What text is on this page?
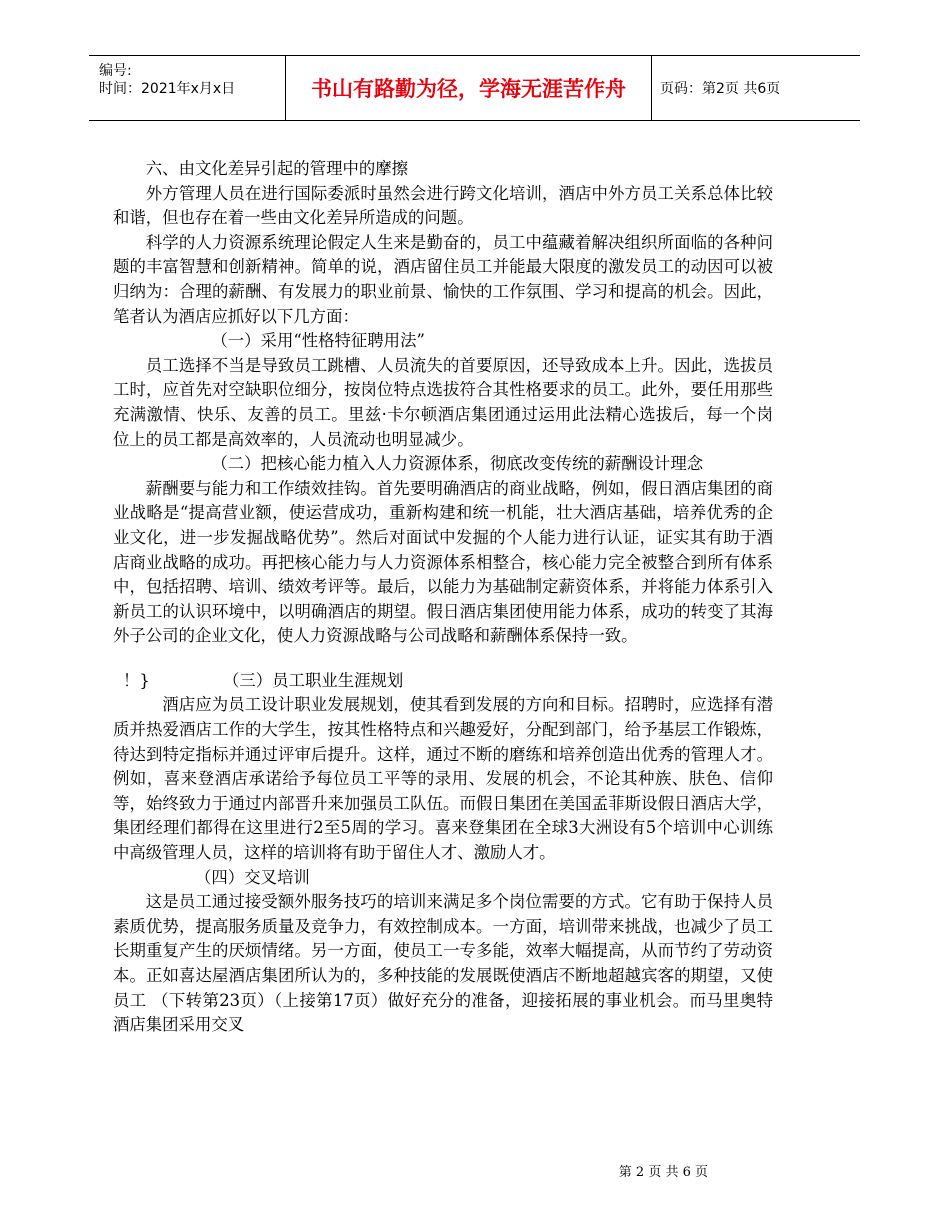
编号:
时间：2021年x月x日	书山有路勤为径，学海无涯苦作舟	页码：第2页 共6页

六、由文化差异引起的管理中的摩擦

外方管理人员在进行国际委派时虽然会进行跨文化培训，酒店中外方员工关系总体比较和谐，但也存在着一些由文化差异所造成的问题。

科学的人力资源系统理论假定人生来是勤奋的，员工中蕴藏着解决组织所面临的各种问题的丰富智慧和创新精神。简单的说，酒店留住员工并能最大限度的激发员工的动因可以被归纳为：合理的薪酬、有发展力的职业前景、愉快的工作氛围、学习和提高的机会。因此，笔者认为酒店应抓好以下几方面：

（一）采用“性格特征聘用法”

员工选择不当是导致员工跳槽、人员流失的首要原因，还导致成本上升。因此，选拔员工时，应首先对空缺职位细分，按岗位特点选拔符合其性格要求的员工。此外，要任用那些充满激情、快乐、友善的员工。里兹·卡尔顿酒店集团通过运用此法精心选拔后，每一个岗位上的员工都是高效率的，人员流动也明显减少。

（二）把核心能力植入人力资源体系，彻底改变传统的薪酬设计理念

薪酬要与能力和工作绩效挂钩。首先要明确酒店的商业战略，例如，假日酒店集团的商业战略是“提高营业额，使运营成功，重新构建和统一机能，壮大酒店基础，培养优秀的企业文化，进一步发掘战略优势”。然后对面试中发掘的个人能力进行认证，证实其有助于酒店商业战略的成功。再把核心能力与人力资源体系相整合，核心能力完全被整合到所有体系中，包括招聘、培训、绩效考评等。最后，以能力为基础制定薪资体系，并将能力体系引入新员工的认识环境中，以明确酒店的期望。假日酒店集团使用能力体系，成功的转变了其海外子公司的企业文化，使人力资源战略与公司战略和薪酬体系保持一致。

！}	（三）员工职业生涯规划

酒店应为员工设计职业发展规划，使其看到发展的方向和目标。招聘时，应选择有潜质并热爱酒店工作的大学生，按其性格特点和兴趣爱好，分配到部门，给予基层工作锻炼，待达到特定指标并通过评审后提升。这样，通过不断的磨练和培养创造出优秀的管理人才。例如，喜来登酒店承诺给予每位员工平等的录用、发展的机会，不论其种族、肤色、信仰等，始终致力于通过内部晋升来加强员工队伍。而假日集团在美国孟菲斯设假日酒店大学，集团经理们都得在这里进行2至5周的学习。喜来登集团在全球3大洲设有5个培训中心训练中高级管理人员，这样的培训将有助于留住人才、激励人才。

（四）交叉培训

这是员工通过接受额外服务技巧的培训来满足多个岗位需要的方式。它有助于保持人员素质优势，提高服务质量及竞争力，有效控制成本。一方面，培训带来挑战，也减少了员工长期重复产生的厌烦情绪。另一方面，使员工一专多能，效率大幅提高，从而节约了劳动资本。正如喜达屋酒店集团所认为的，多种技能的发展既使酒店不断地超越宾客的期望，又使员工 （下转第23页）（上接第17页）做好充分的准备，迎接拓展的事业机会。而马里奥特酒店集团采用交叉

第 2 页 共 6 页
